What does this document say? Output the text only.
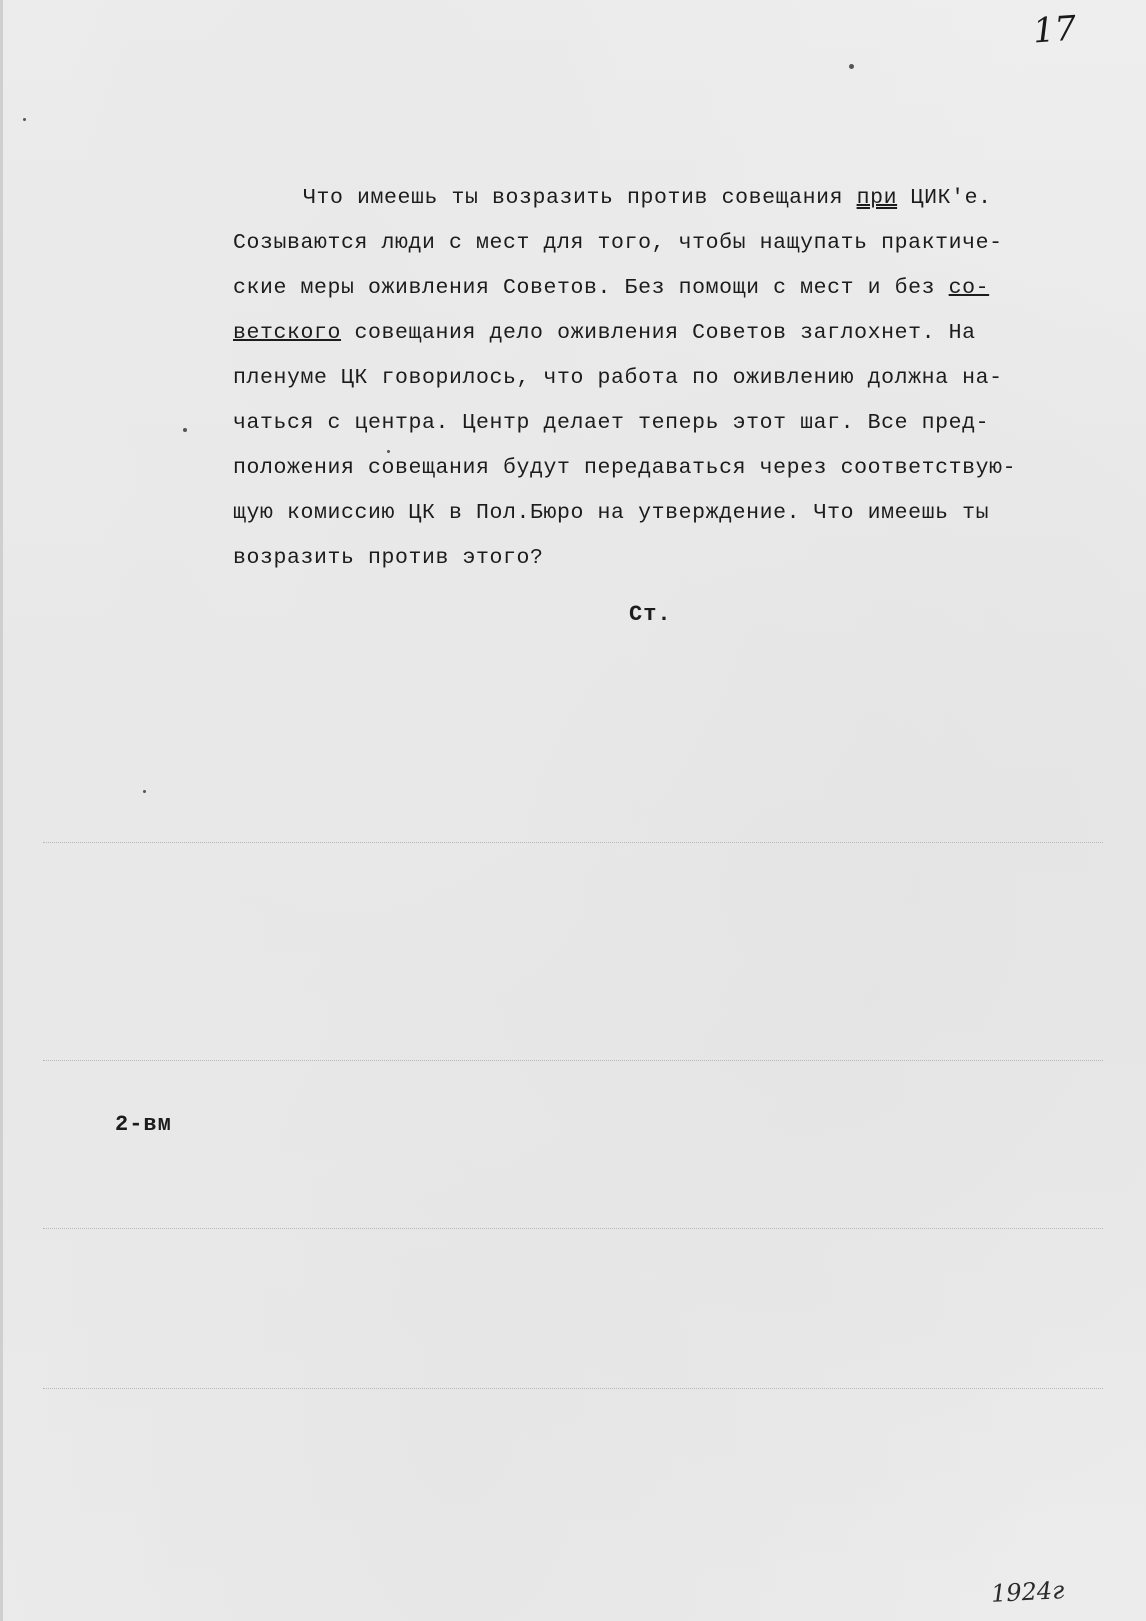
17

Что имеешь ты возразить против совещания при ЦИК'е.
Созываются люди с мест для того, чтобы нащупать практиче-
ские меры оживления Советов. Без помощи с мест и без со-
ветского совещания дело оживления Советов заглохнет. На
пленуме ЦК говорилось, что работа по оживлению должна на-
чаться с центра. Центр делает теперь этот шаг. Все пред-
положения совещания будут передаваться через соответствую-
щую комиссию ЦК в Пол.Бюро на утверждение. Что имеешь ты
возразить против этого?

Ст.
2-вм
1924г
